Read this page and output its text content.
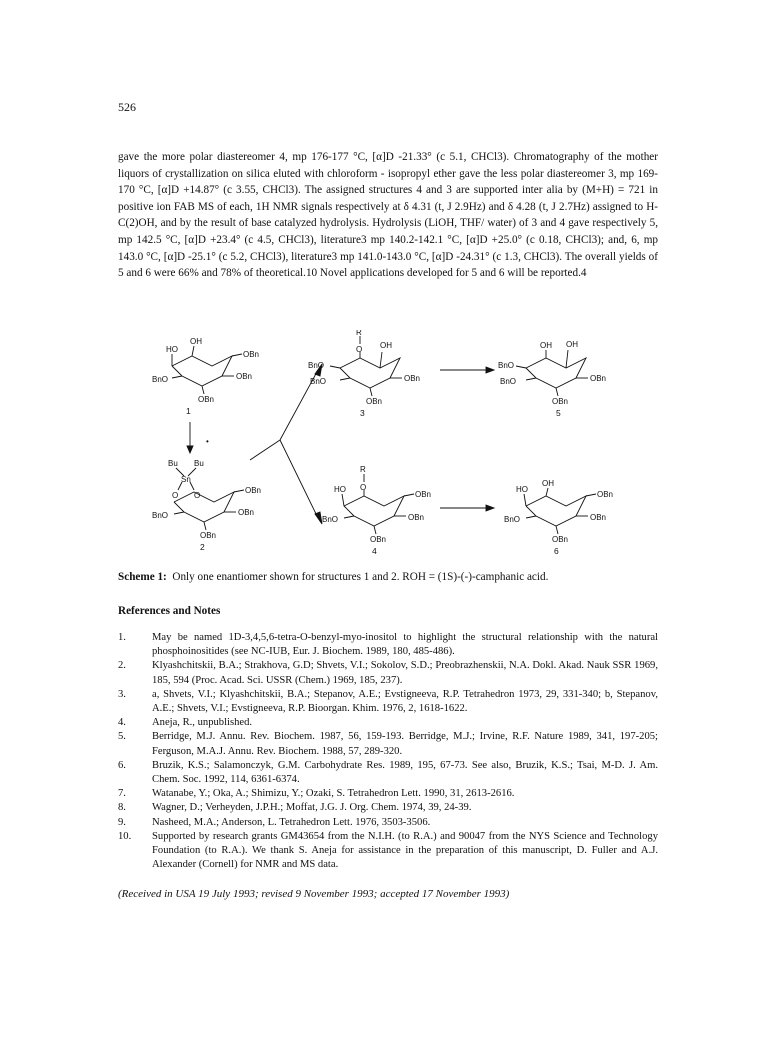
526

gave the more polar diastereomer 4, mp 176-177 °C, [α]D -21.33° (c 5.1, CHCl3). Chromatography of the mother liquors of crystallization on silica eluted with chloroform - isopropyl ether gave the less polar diastereomer 3, mp 169-170 °C, [α]D +14.87° (c 3.55, CHCl3). The assigned structures 4 and 3 are supported inter alia by (M+H) = 721 in positive ion FAB MS of each, 1H NMR signals respectively at δ 4.31 (t, J 2.9Hz) and δ 4.28 (t, J 2.7Hz) assigned to H-C(2)OH, and by the result of base catalyzed hydrolysis. Hydrolysis (LiOH, THF/ water) of 3 and 4 gave respectively 5, mp 142.5 °C, [α]D +23.4° (c 4.5, CHCl3), literature3 mp 140.2-142.1 °C, [α]D +25.0° (c 0.18, CHCl3); and, 6, mp 143.0 °C, [α]D -25.1° (c 5.2, CHCl3), literature3 mp 141.0-143.0 °C, [α]D -24.31° (c 1.3, CHCl3). The overall yields of 5 and 6 were 66% and 78% of theoretical.10 Novel applications developed for 5 and 6 will be reported.4

HO
OH
OBn
OBn
BnO
OBn
1
•
Bu Bu
Sn
O O
OBn
OBn
BnO
OBn
2
R
O OH
BnO
OBn
BnO
OBn
3
OH OH
BnO
OBn
BnO
OBn
5
R
O
HO
OBn
OBn
BnO
OBn
4
HO
OH
OBn
OBn
BnO
OBn
6
Scheme 1: Only one enantiomer shown for structures 1 and 2. ROH = (1S)-(-)-camphanic acid.
References and Notes
1.	May be named 1D-3,4,5,6-tetra-O-benzyl-myo-inositol to highlight the structural relationship with the natural phosphoinositides (see NC-IUB, Eur. J. Biochem. 1989, 180, 485-486).
2.	Klyashchitskii, B.A.; Strakhova, G.D; Shvets, V.I.; Sokolov, S.D.; Preobrazhenskii, N.A. Dokl. Akad. Nauk SSR 1969, 185, 594 (Proc. Acad. Sci. USSR (Chem.) 1969, 185, 237).
3.	a, Shvets, V.I.; Klyashchitskii, B.A.; Stepanov, A.E.; Evstigneeva, R.P. Tetrahedron 1973, 29, 331-340; b, Stepanov, A.E.; Shvets, V.I.; Evstigneeva, R.P. Bioorgan. Khim. 1976, 2, 1618-1622.
4.	Aneja, R., unpublished.
5.	Berridge, M.J. Annu. Rev. Biochem. 1987, 56, 159-193. Berridge, M.J.; Irvine, R.F. Nature 1989, 341, 197-205; Ferguson, M.A.J. Annu. Rev. Biochem. 1988, 57, 289-320.
6.	Bruzik, K.S.; Salamonczyk, G.M. Carbohydrate Res. 1989, 195, 67-73. See also, Bruzik, K.S.; Tsai, M-D. J. Am. Chem. Soc. 1992, 114, 6361-6374.
7.	Watanabe, Y.; Oka, A.; Shimizu, Y.; Ozaki, S. Tetrahedron Lett. 1990, 31, 2613-2616.
8.	Wagner, D.; Verheyden, J.P.H.; Moffat, J.G. J. Org. Chem. 1974, 39, 24-39.
9.	Nasheed, M.A.; Anderson, L. Tetrahedron Lett. 1976, 3503-3506.
10.	Supported by research grants GM43654 from the N.I.H. (to R.A.) and 90047 from the NYS Science and Technology Foundation (to R.A.). We thank S. Aneja for assistance in the preparation of this manuscript, D. Fuller and A.J. Alexander (Cornell) for NMR and MS data.
(Received in USA 19 July 1993; revised 9 November 1993; accepted 17 November 1993)
